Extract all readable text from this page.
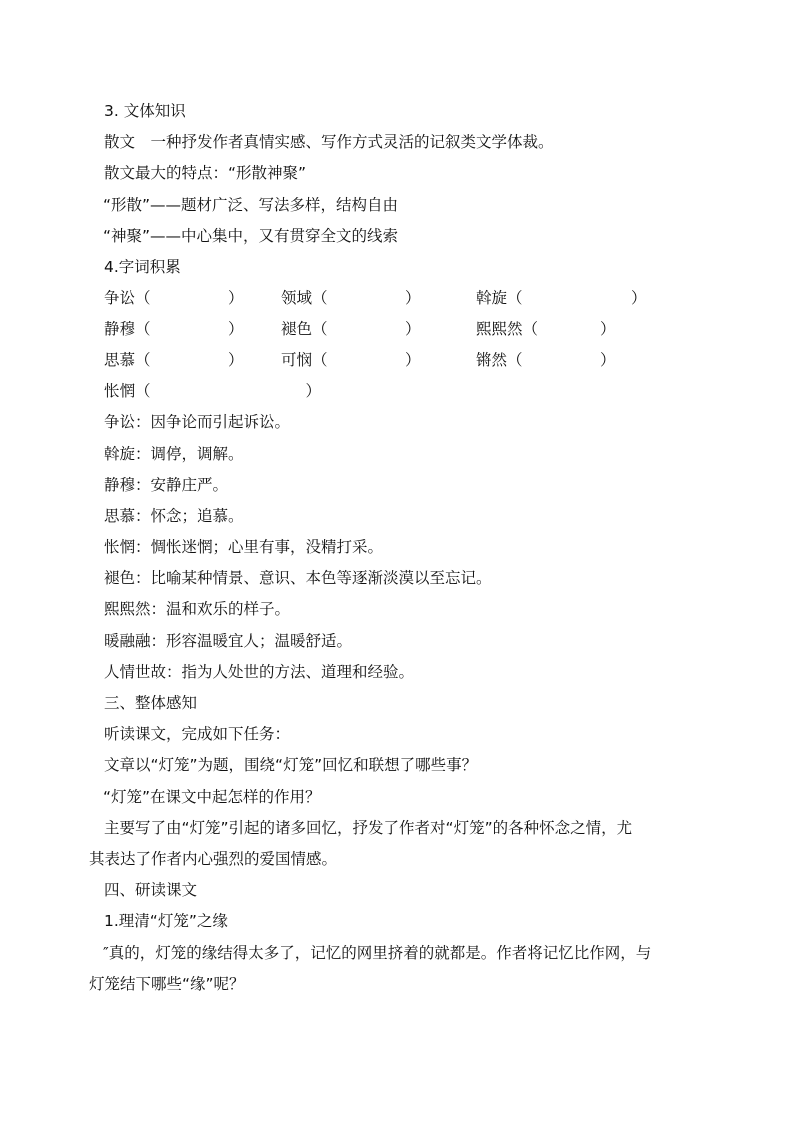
3. 文体知识
散文　一种抒发作者真情实感、写作方式灵活的记叙类文学体裁。
散文最大的特点：“形散神聚”
“形散”——题材广泛、写法多样，结构自由
“神聚”——中心集中，又有贯穿全文的线索
4.字词积累
争讼（　　　　　） 领域（　　　　　）	斡旋（　　　　　　　）
静穆（　　　　　） 褪色（　　　　　）	熙熙然（　　　　）
思慕（　　　　　） 可悯（　　　　　）	锵然（　　　　　）
怅惘（　　　　　　　　　　）
争讼：因争论而引起诉讼。
斡旋：调停，调解。
静穆：安静庄严。
思慕：怀念；追慕。
怅惘：惆怅迷惘；心里有事，没精打采。
褪色：比喻某种情景、意识、本色等逐渐淡漠以至忘记。
熙熙然：温和欢乐的样子。
暖融融：形容温暖宜人；温暖舒适。
人情世故：指为人处世的方法、道理和经验。
三、整体感知
听读课文，完成如下任务：
文章以“灯笼”为题，围绕“灯笼”回忆和联想了哪些事？
“灯笼”在课文中起怎样的作用？
主要写了由“灯笼”引起的诸多回忆，抒发了作者对“灯笼”的各种怀念之情，尤
其表达了作者内心强烈的爱国情感。
四、研读课文
1.理清“灯笼”之缘
″真的，灯笼的缘结得太多了，记忆的网里挤着的就都是。作者将记忆比作网，与
灯笼结下哪些“缘”呢？
